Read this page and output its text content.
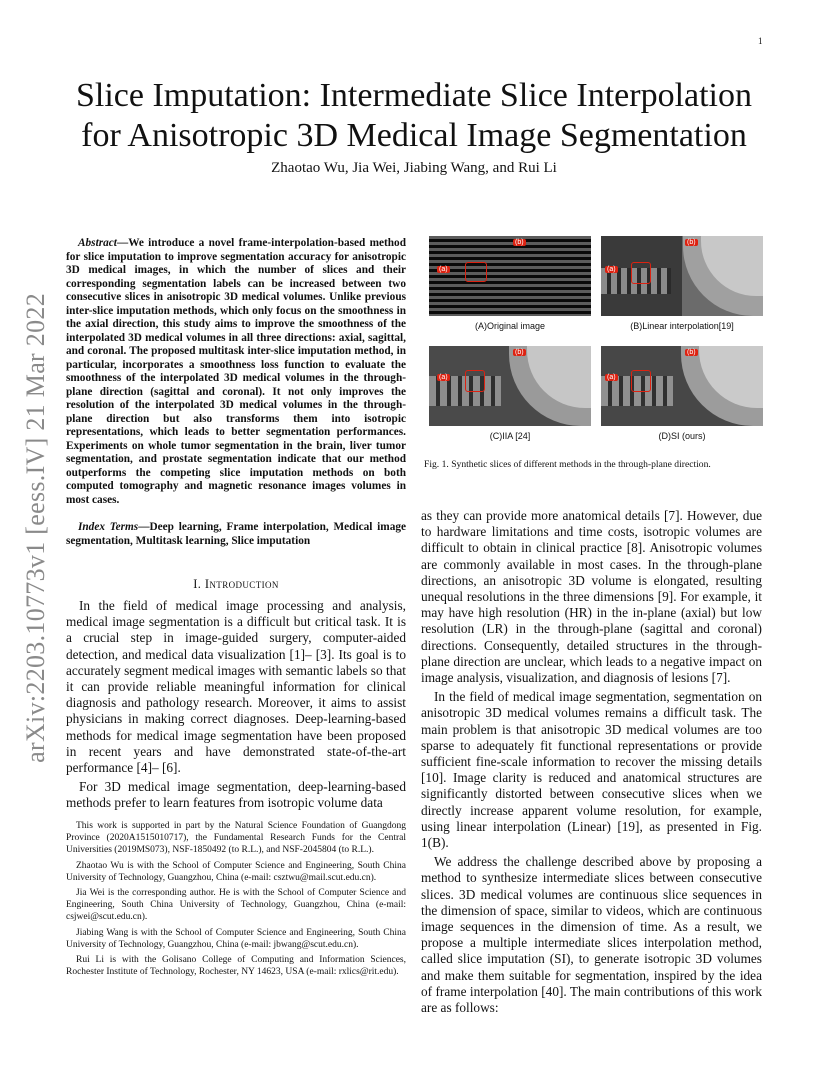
1
arXiv:2203.10773v1 [eess.IV] 21 Mar 2022
Slice Imputation: Intermediate Slice Interpolation for Anisotropic 3D Medical Image Segmentation
Zhaotao Wu, Jia Wei, Jiabing Wang, and Rui Li

Abstract—We introduce a novel frame-interpolation-based method for slice imputation to improve segmentation accuracy for anisotropic 3D medical images, in which the number of slices and their corresponding segmentation labels can be increased between two consecutive slices in anisotropic 3D medical volumes. Unlike previous inter-slice imputation methods, which only focus on the smoothness in the axial direction, this study aims to improve the smoothness of the interpolated 3D medical volumes in all three directions: axial, sagittal, and coronal. The proposed multitask inter-slice imputation method, in particular, incorporates a smoothness loss function to evaluate the smoothness of the interpolated 3D medical volumes in the through-plane direction (sagittal and coronal). It not only improves the resolution of the interpolated 3D medical volumes in the through-plane direction but also transforms them into isotropic representations, which leads to better segmentation performances. Experiments on whole tumor segmentation in the brain, liver tumor segmentation, and prostate segmentation indicate that our method outperforms the competing slice imputation methods on both computed tomography and magnetic resonance images volumes in most cases.

Index Terms—Deep learning, Frame interpolation, Medical image segmentation, Multitask learning, Slice imputation

I. Introduction

In the field of medical image processing and analysis, medical image segmentation is a difficult but critical task. It is a crucial step in image-guided surgery, computer-aided detection, and medical data visualization [1]– [3]. Its goal is to accurately segment medical images with semantic labels so that it can provide reliable meaningful information for clinical diagnosis and pathology research. Moreover, it aims to assist physicians in making correct diagnoses. Deep-learning-based methods for medical image segmentation have been proposed in recent years and have demonstrated state-of-the-art performance [4]– [6].

For 3D medical image segmentation, deep-learning-based methods prefer to learn features from isotropic volume data

This work is supported in part by the Natural Science Foundation of Guangdong Province (2020A1515010717), the Fundamental Research Funds for the Central Universities (2019MS073), NSF-1850492 (to R.L.), and NSF-2045804 (to R.L.).

Zhaotao Wu is with the School of Computer Science and Engineering, South China University of Technology, Guangzhou, China (e-mail: csztwu@mail.scut.edu.cn).

Jia Wei is the corresponding author. He is with the School of Computer Science and Engineering, South China University of Technology, Guangzhou, China (e-mail: csjwei@scut.edu.cn).

Jiabing Wang is with the School of Computer Science and Engineering, South China University of Technology, Guangzhou, China (e-mail: jbwang@scut.edu.cn).

Rui Li is with the Golisano College of Computing and Information Sciences, Rochester Institute of Technology, Rochester, NY 14623, USA (e-mail: rxlics@rit.edu).

(a)
(b)
(A)Original image
(a)
(b)
(B)Linear interpolation[19]
(a)
(b)
(C)IIA [24]
(a)
(b)
(D)SI (ours)
Fig. 1. Synthetic slices of different methods in the through-plane direction.

as they can provide more anatomical details [7]. However, due to hardware limitations and time costs, isotropic volumes are difficult to obtain in clinical practice [8]. Anisotropic volumes are commonly available in most cases. In the through-plane directions, an anisotropic 3D volume is elongated, resulting unequal resolutions in the three dimensions [9]. For example, it may have high resolution (HR) in the in-plane (axial) but low resolution (LR) in the through-plane (sagittal and coronal) directions. Consequently, detailed structures in the through-plane direction are unclear, which leads to a negative impact on image analysis, visualization, and diagnosis of lesions [7].

In the field of medical image segmentation, segmentation on anisotropic 3D medical volumes remains a difficult task. The main problem is that anisotropic 3D medical volumes are too sparse to adequately fit functional representations or provide sufficient fine-scale information to recover the missing details [10]. Image clarity is reduced and anatomical structures are significantly distorted between consecutive slices when we directly increase apparent volume resolution, for example, using linear interpolation (Linear) [19], as presented in Fig. 1(B).

We address the challenge described above by proposing a method to synthesize intermediate slices between consecutive slices. 3D medical volumes are continuous slice sequences in the dimension of space, similar to videos, which are continuous image sequences in the dimension of time. As a result, we propose a multiple intermediate slices interpolation method, called slice imputation (SI), to generate isotropic 3D volumes and make them suitable for segmentation, inspired by the idea of frame interpolation [40]. The main contributions of this work are as follows:
